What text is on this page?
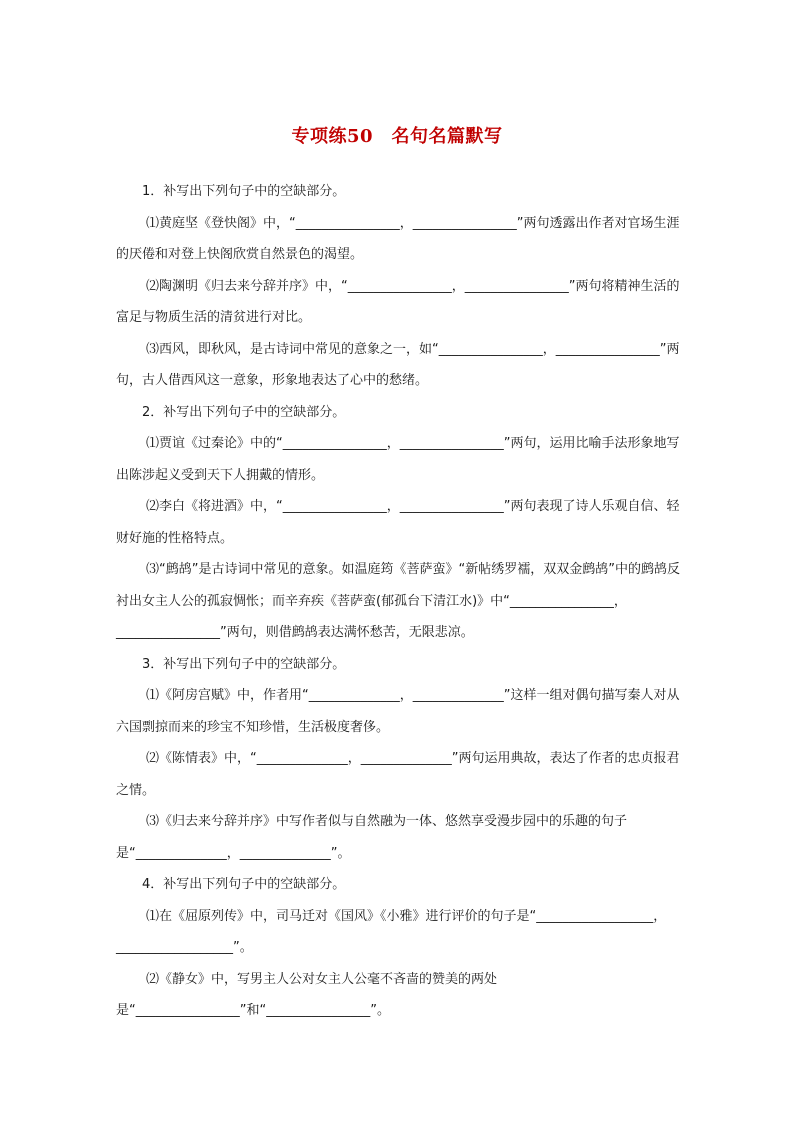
专项练50　名句名篇默写

1．补写出下列句子中的空缺部分。

⑴黄庭坚《登快阁》中，“________________，________________”两句透露出作者对官场生涯的厌倦和对登上快阁欣赏自然景色的渴望。

⑵陶渊明《归去来兮辞并序》中，“________________，________________”两句将精神生活的富足与物质生活的清贫进行对比。

⑶西风，即秋风，是古诗词中常见的意象之一，如“________________，________________”两句，古人借西风这一意象，形象地表达了心中的愁绪。

2．补写出下列句子中的空缺部分。

⑴贾谊《过秦论》中的“________________，________________”两句，运用比喻手法形象地写出陈涉起义受到天下人拥戴的情形。

⑵李白《将进酒》中，“________________，________________”两句表现了诗人乐观自信、轻财好施的性格特点。

⑶“鹧鸪”是古诗词中常见的意象。如温庭筠《菩萨蛮》“新帖绣罗襦，双双金鹧鸪”中的鹧鸪反衬出女主人公的孤寂惆怅；而辛弃疾《菩萨蛮(郁孤台下清江水)》中“________________，________________”两句，则借鹧鸪表达满怀愁苦，无限悲凉。

3．补写出下列句子中的空缺部分。

⑴《阿房宫赋》中，作者用“______________，______________”这样一组对偶句描写秦人对从六国剽掠而来的珍宝不知珍惜，生活极度奢侈。

⑵《陈情表》中，“______________，______________”两句运用典故，表达了作者的忠贞报君之情。

⑶《归去来兮辞并序》中写作者似与自然融为一体、悠然享受漫步园中的乐趣的句子是“______________，______________”。

4．补写出下列句子中的空缺部分。

⑴在《屈原列传》中，司马迁对《国风》《小雅》进行评价的句子是“__________________，__________________”。

⑵《静女》中，写男主人公对女主人公毫不吝啬的赞美的两处是“________________”和“________________”。
